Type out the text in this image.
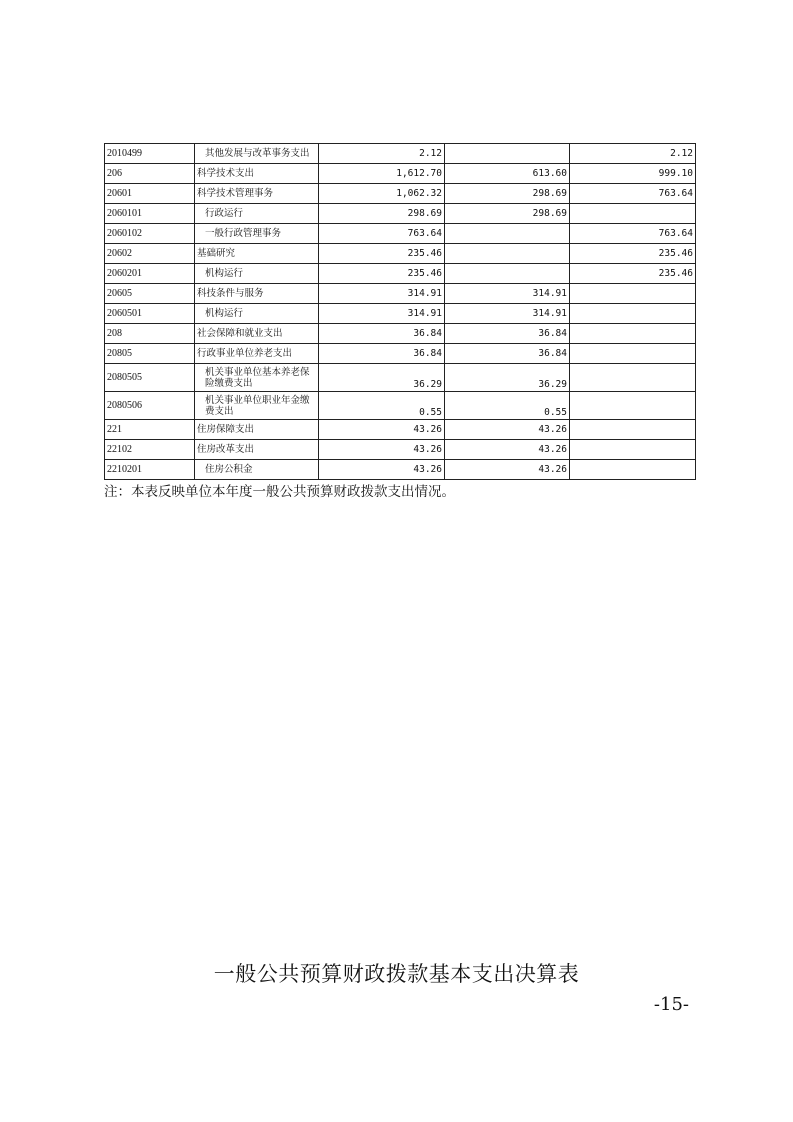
2010499	其他发展与改革事务支出	2.12		2.12
206	科学技术支出	1,612.70	613.60	999.10
20601	科学技术管理事务	1,062.32	298.69	763.64
2060101	行政运行	298.69	298.69	
2060102	一般行政管理事务	763.64		763.64
20602	基础研究	235.46		235.46
2060201	机构运行	235.46		235.46
20605	科技条件与服务	314.91	314.91	
2060501	机构运行	314.91	314.91	
208	社会保障和就业支出	36.84	36.84	
20805	行政事业单位养老支出	36.84	36.84	
2080505	机关事业单位基本养老保险缴费支出	36.29	36.29	
2080506	机关事业单位职业年金缴费支出	0.55	0.55	
221	住房保障支出	43.26	43.26	
22102	住房改革支出	43.26	43.26	
2210201	住房公积金	43.26	43.26	
注：本表反映单位本年度一般公共预算财政拨款支出情况。
一般公共预算财政拨款基本支出决算表
-15-
